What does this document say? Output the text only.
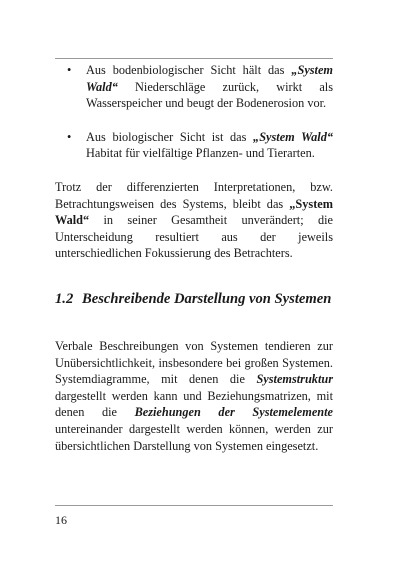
• Aus bodenbiologischer Sicht hält das „System Wald“ Niederschläge zurück, wirkt als Wasserspeicher und beugt der Bodenerosion vor.
• Aus biologischer Sicht ist das „System Wald“ Habitat für vielfältige Pflanzen- und Tierarten.

Trotz der differenzierten Interpretationen, bzw. Betrachtungsweisen des Systems, bleibt das „System Wald“ in seiner Gesamtheit unverändert; die Unterscheidung resultiert aus der jeweils unterschiedlichen Fokussierung des Betrachters.

1.2 Beschreibende Darstellung von Systemen

Verbale Beschreibungen von Systemen tendieren zur Unübersichtlichkeit, insbesondere bei großen Systemen. Systemdiagramme, mit denen die Systemstruktur dargestellt werden kann und Beziehungsmatrizen, mit denen die Beziehungen der Systemelemente untereinander dargestellt werden können, werden zur übersichtlichen Darstellung von Systemen eingesetzt.

16
